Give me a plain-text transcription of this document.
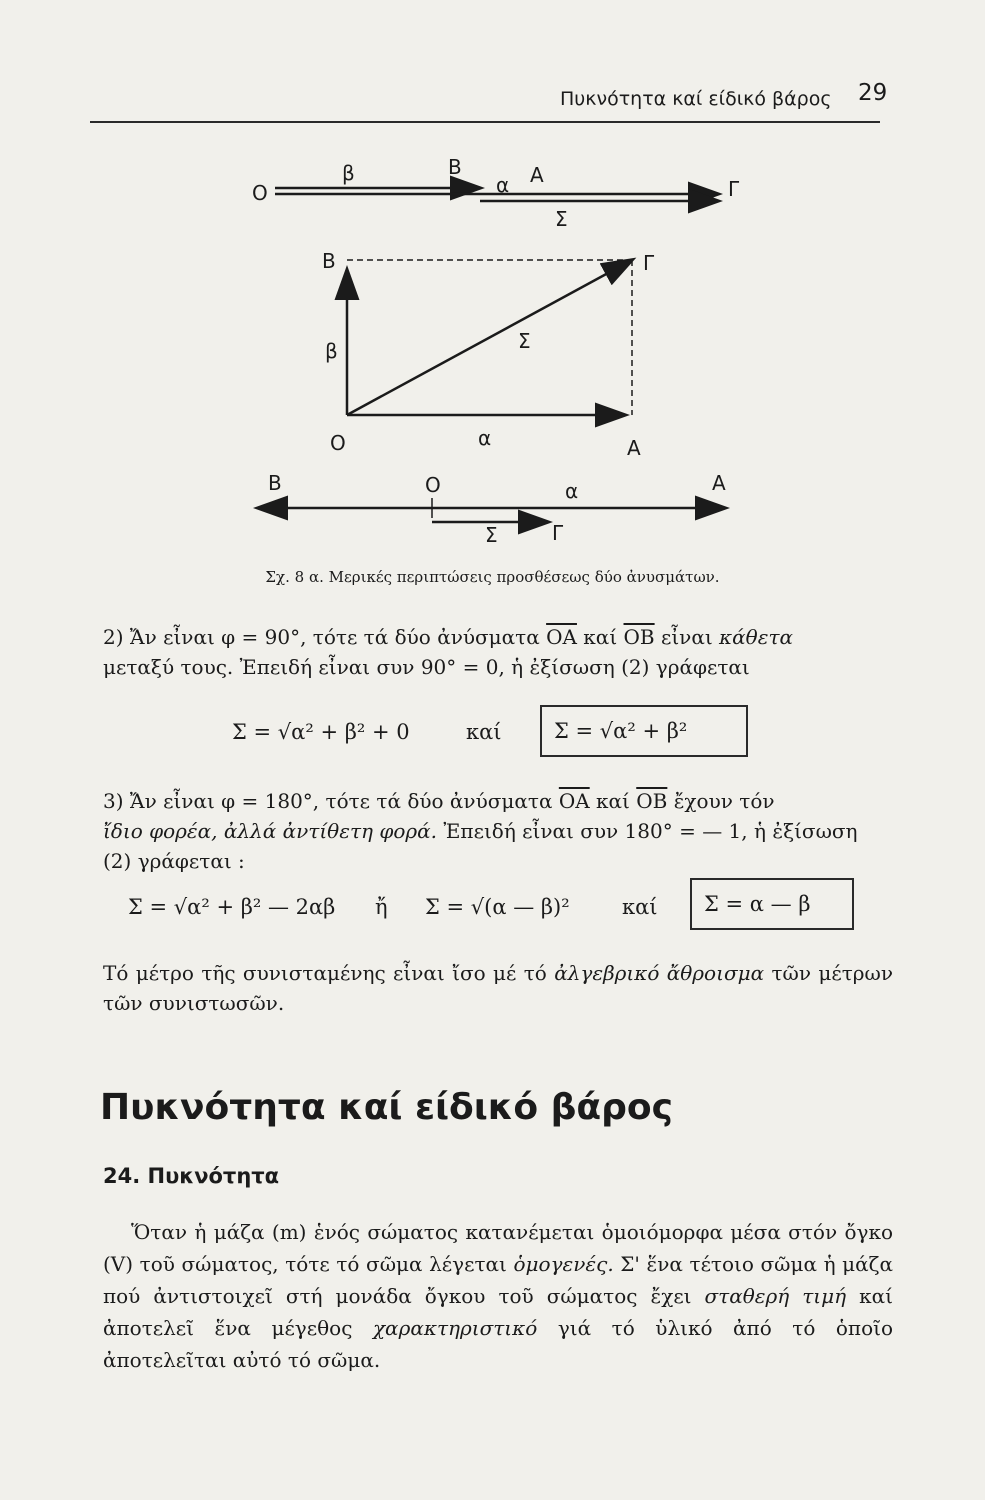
Πυκνότητα καί είδικό βάρος 29
O
β	B
α A
Σ
Γ
B	Γ
β	Σ
O	α	A
B	O	α	A
Σ	Γ
Σχ. 8 α. Μερικές περιπτώσεις προσθέσεως δύο ἀνυσμάτων.
2) Ἄν εἶναι φ = 90°, τότε τά δύο ἀνύσματα $\overline{OA}$ καί $\overline{OB}$ εἶναι κάθετα
μεταξύ τους. Ἐπειδή εἶναι συν 90° = 0, ἡ ἐξίσωση (2) γράφεται
Σ = √α² + β² + 0	καί	Σ = √α² + β²
3) Ἄν εἶναι φ = 180°, τότε τά δύο ἀνύσματα $\overline{OA}$ καί $\overline{OB}$ ἔχουν τόν
ἴδιο φορέα, ἀλλά ἀντίθετη φορά. Ἐπειδή εἶναι συν 180° = — 1, ἡ ἐξίσωση
(2) γράφεται :
Σ = √α² + β² — 2αβ ἤ Σ = √(α — β)² καί	Σ = α — β
Τό μέτρο τῆς συνισταμένης εἶναι ἴσο μέ τό ἀλγεβρικό ἄθροισμα τῶν μέτρων τῶν συνιστωσῶν.
Πυκνότητα καί είδικό βάρος
24. Πυκνότητα
Ὅταν ἡ μάζα (m) ἑνός σώματος κατανέμεται ὁμοιόμορφα μέσα στόν ὄγκο (V) τοῦ σώματος, τότε τό σῶμα λέγεται ὁμογενές. Σ' ἕνα τέτοιο σῶμα ἡ μάζα πού ἀντιστοιχεῖ στή μονάδα ὄγκου τοῦ σώματος ἔχει σταθερή τιμή καί ἀποτελεῖ ἕνα μέγεθος χαρακτηριστικό γιά τό ὑλικό ἀπό τό ὁποῖο ἀποτελεῖται αὐτό τό σῶμα.
